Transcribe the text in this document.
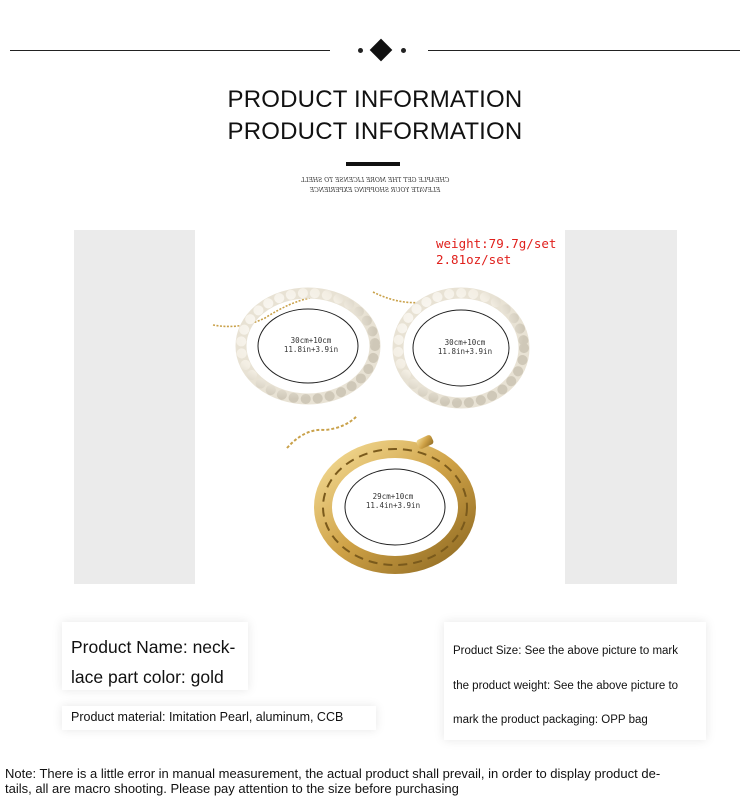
PRODUCT INFORMATION
PRODUCT INFORMATION
CHEAPLE GET THE MORE LICENSE TO SHELL
ELEVATE YOUR SHOPPING EXPERIENCE
30cm+10cm
11.8in+3.9in
30cm+10cm
11.8in+3.9in
29cm+10cm
11.4in+3.9in
weight:79.7g/set
2.81oz/set
Product Name: neck-
lace part color: gold
Product material: Imitation Pearl, aluminum, CCB
Product Size: See the above picture to mark
the product weight: See the above picture to
mark the product packaging: OPP bag
Note: There is a little error in manual measurement, the actual product shall prevail, in order to display product de-
tails, all are macro shooting. Please pay attention to the size before purchasing
